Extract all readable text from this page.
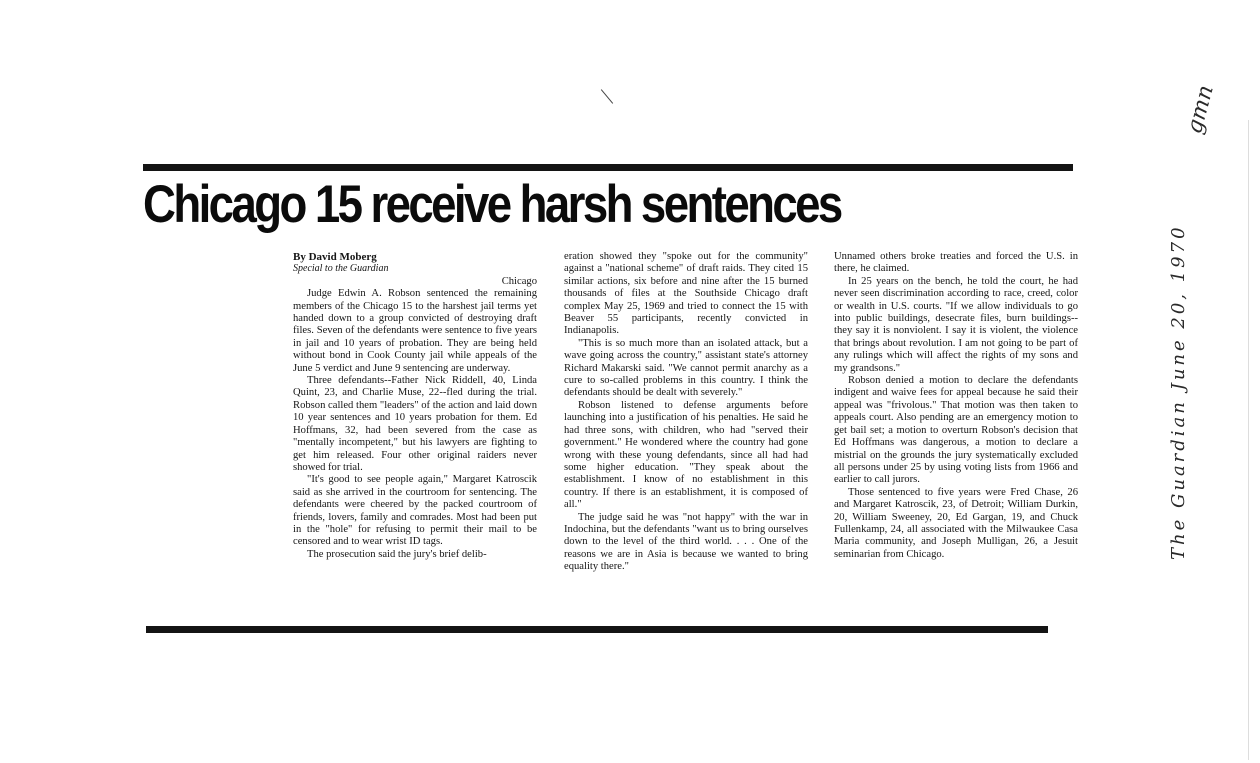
Chicago 15 receive harsh sentences

By David Moberg

Special to the Guardian

Chicago

Judge Edwin A. Robson sentenced the remaining members of the Chicago 15 to the harshest jail terms yet handed down to a group convicted of destroying draft files. Seven of the defendants were sentence to five years in jail and 10 years of probation. They are being held without bond in Cook County jail while appeals of the June 5 verdict and June 9 sentencing are underway.

Three defendants--Father Nick Riddell, 40, Linda Quint, 23, and Charlie Muse, 22--fled during the trial. Robson called them "leaders" of the action and laid down 10 year sentences and 10 years probation for them. Ed Hoffmans, 32, had been severed from the case as "mentally incompetent," but his lawyers are fighting to get him released. Four other original raiders never showed for trial.

"It's good to see people again," Margaret Katroscik said as she arrived in the courtroom for sentencing. The defendants were cheered by the packed courtroom of friends, lovers, family and comrades. Most had been put in the "hole" for refusing to permit their mail to be censored and to wear wrist ID tags.

The prosecution said the jury's brief delib-

eration showed they "spoke out for the community" against a "national scheme" of draft raids. They cited 15 similar actions, six before and nine after the 15 burned thousands of files at the Southside Chicago draft complex May 25, 1969 and tried to connect the 15 with Beaver 55 participants, recently convicted in Indianapolis.

"This is so much more than an isolated attack, but a wave going across the country," assistant state's attorney Richard Makarski said. "We cannot permit anarchy as a cure to so-called problems in this country. I think the defendants should be dealt with severely."

Robson listened to defense arguments before launching into a justification of his penalties. He said he had three sons, with children, who had "served their government." He wondered where the country had gone wrong with these young defendants, since all had had some higher education. "They speak about the establishment. I know of no establishment in this country. If there is an establishment, it is composed of all."

The judge said he was "not happy" with the war in Indochina, but the defendants "want us to bring ourselves down to the level of the third world. . . . One of the reasons we are in Asia is because we wanted to bring equality there."

Unnamed others broke treaties and forced the U.S. in there, he claimed.

In 25 years on the bench, he told the court, he had never seen discrimination according to race, creed, color or wealth in U.S. courts. "If we allow individuals to go into public buildings, desecrate files, burn buildings--they say it is nonviolent. I say it is violent, the violence that brings about revolution. I am not going to be part of any rulings which will affect the rights of my sons and my grandsons."

Robson denied a motion to declare the defendants indigent and waive fees for appeal because he said their appeal was "frivolous." That motion was then taken to appeals court. Also pending are an emergency motion to get bail set; a motion to overturn Robson's decision that Ed Hoffmans was dangerous, a motion to declare a mistrial on the grounds the jury systematically excluded all persons under 25 by using voting lists from 1966 and earlier to call jurors.

Those sentenced to five years were Fred Chase, 26 and Margaret Katroscik, 23, of Detroit; William Durkin, 20, William Sweeney, 20, Ed Gargan, 19, and Chuck Fullenkamp, 24, all associated with the Milwaukee Casa Maria community, and Joseph Mulligan, 26, a Jesuit seminarian from Chicago.

gmn
The Guardian June 20, 1970
